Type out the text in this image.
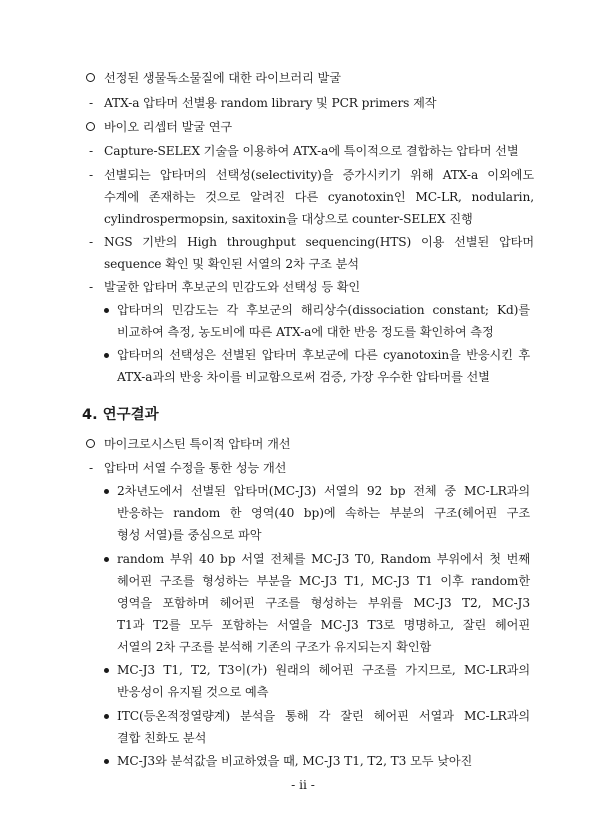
선정된 생물독소물질에 대한 라이브러리 발굴
- ATX-a 압타머 선별용 random library 및 PCR primers 제작
바이오 리셉터 발굴 연구
- Capture-SELEX 기술을 이용하여 ATX-a에 특이적으로 결합하는 압타머 선별
- 선별되는 압타머의 선택성(selectivity)을 증가시키기 위해 ATX-a 이외에도
수계에 존재하는 것으로 알려진 다른 cyanotoxin인 MC-LR, nodularin,
cylindrospermopsin, saxitoxin을 대상으로 counter-SELEX 진행
- NGS 기반의 High throughput sequencing(HTS) 이용 선별된 압타머
sequence 확인 및 확인된 서열의 2차 구조 분석
- 발굴한 압타머 후보군의 민감도와 선택성 등 확인
압타머의 민감도는 각 후보군의 해리상수(dissociation constant; Kd)를
비교하여 측정, 농도비에 따른 ATX-a에 대한 반응 정도를 확인하여 측정
압타머의 선택성은 선별된 압타머 후보군에 다른 cyanotoxin을 반응시킨 후
ATX-a과의 반응 차이를 비교함으로써 검증, 가장 우수한 압타머를 선별
4. 연구결과
마이크로시스틴 특이적 압타머 개선
- 압타머 서열 수정을 통한 성능 개선
2차년도에서 선별된 압타머(MC-J3) 서열의 92 bp 전체 중 MC-LR과의
반응하는 random 한 영역(40 bp)에 속하는 부분의 구조(헤어핀 구조
형성 서열)를 중심으로 파악
random 부위 40 bp 서열 전체를 MC-J3 T0, Random 부위에서 첫 번째
헤어핀 구조를 형성하는 부분을 MC-J3 T1, MC-J3 T1 이후 random한
영역을 포함하며 헤어핀 구조를 형성하는 부위를 MC-J3 T2, MC-J3
T1과 T2를 모두 포함하는 서열을 MC-J3 T3로 명명하고, 잘린 헤어핀
서열의 2차 구조를 분석해 기존의 구조가 유지되는지 확인함
MC-J3 T1, T2, T3이(가) 원래의 헤어핀 구조를 가지므로, MC-LR과의
반응성이 유지될 것으로 예측
ITC(등온적정열량계) 분석을 통해 각 잘린 헤어핀 서열과 MC-LR과의
결합 친화도 분석
MC-J3와 분석값을 비교하였을 때, MC-J3 T1, T2, T3 모두 낮아진
- ii -
